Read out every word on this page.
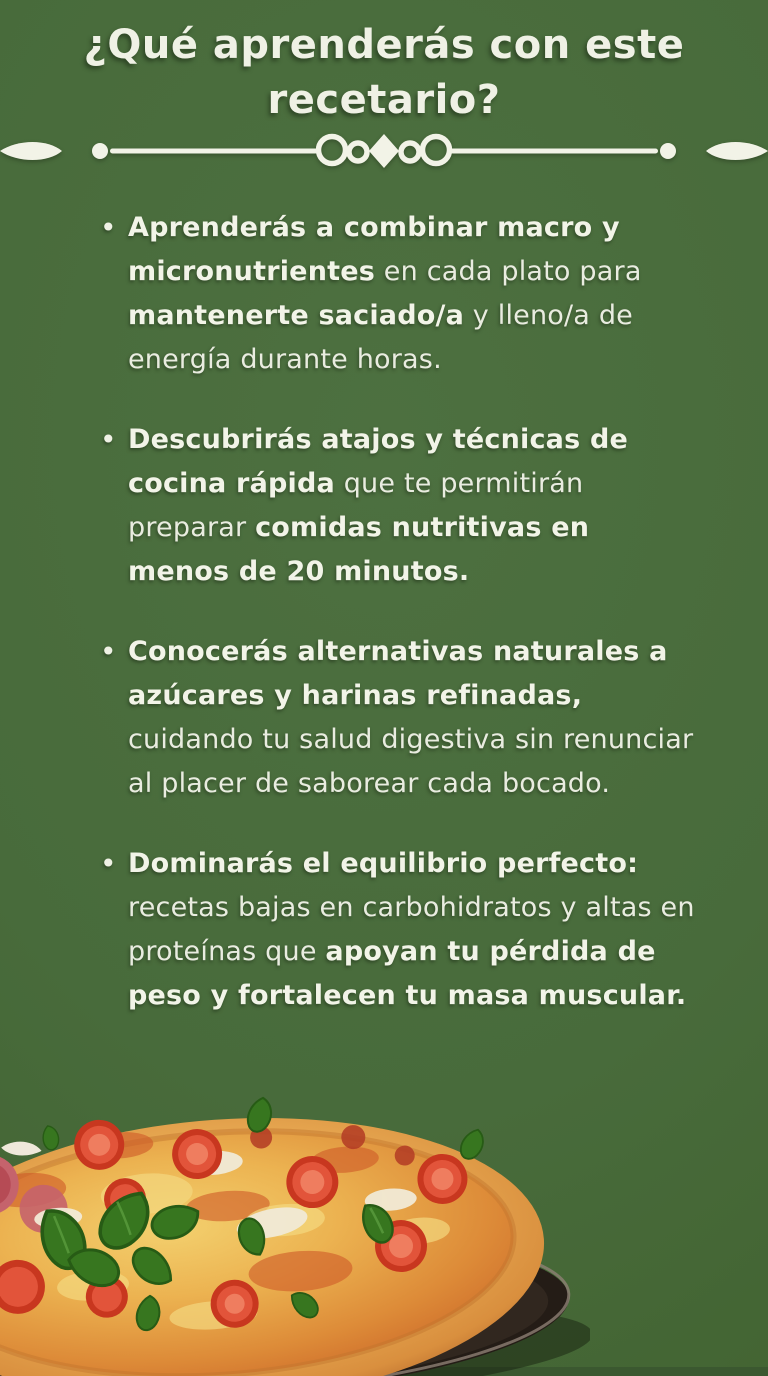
¿Qué aprenderás con este recetario?
• Aprenderás a combinar macro y micronutrientes en cada plato para mantenerte saciado/a y lleno/a de energía durante horas.
• Descubrirás atajos y técnicas de cocina rápida que te permitirán preparar comidas nutritivas en menos de 20 minutos.
• Conocerás alternativas naturales a azúcares y harinas refinadas, cuidando tu salud digestiva sin renunciar al placer de saborear cada bocado.
• Dominarás el equilibrio perfecto: recetas bajas en carbohidratos y altas en proteínas que apoyan tu pérdida de peso y fortalecen tu masa muscular.
